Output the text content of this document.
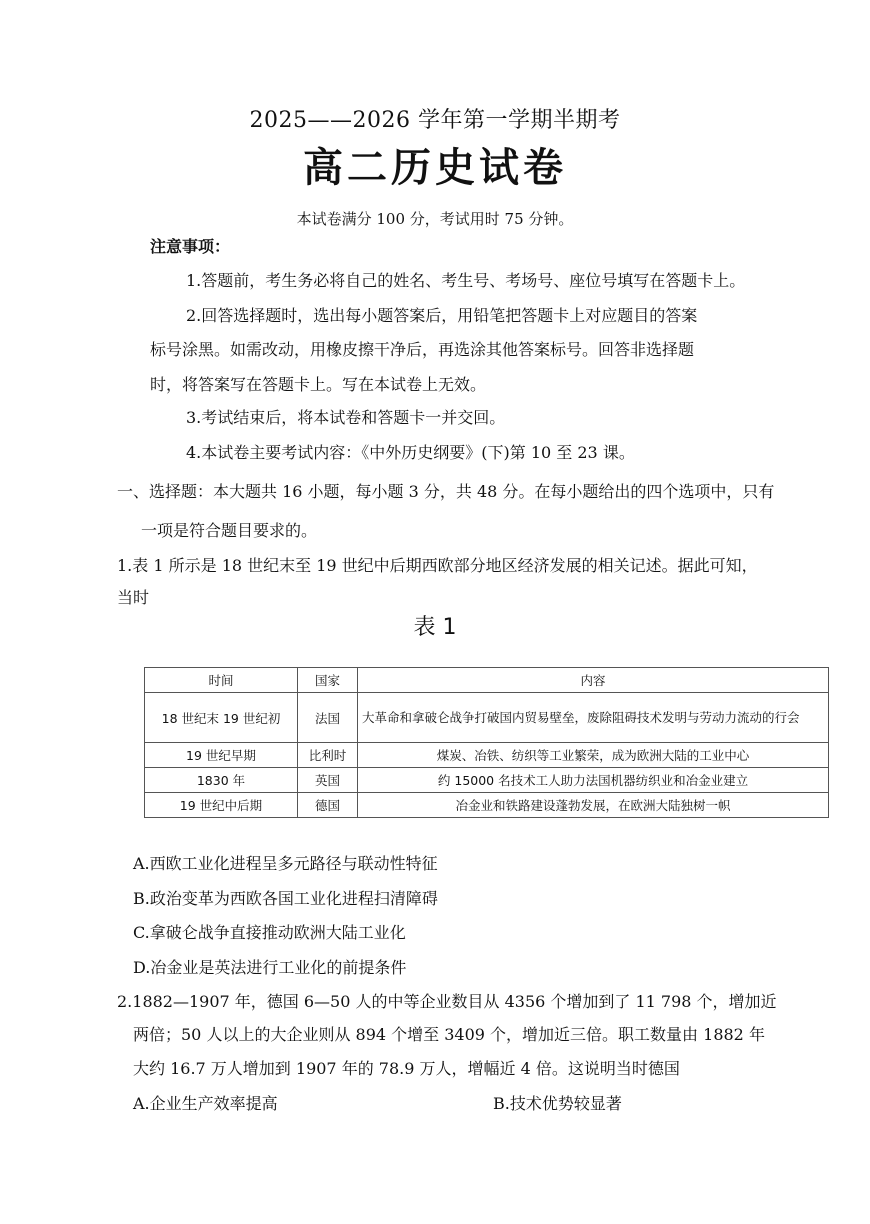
2025——2026 学年第一学期半期考
高二历史试卷
本试卷满分 100 分，考试用时 75 分钟。
注意事项：
1.答题前，考生务必将自己的姓名、考生号、考场号、座位号填写在答题卡上。
2.回答选择题时，选出每小题答案后，用铅笔把答题卡上对应题目的答案
标号涂黑。如需改动，用橡皮擦干净后，再选涂其他答案标号。回答非选择题
时，将答案写在答题卡上。写在本试卷上无效。
3.考试结束后，将本试卷和答题卡一并交回。
4.本试卷主要考试内容：《中外历史纲要》(下)第 10 至 23 课。
一、选择题：本大题共 16 小题，每小题 3 分，共 48 分。在每小题给出的四个选项中，只有
一项是符合题目要求的。
1.表 1 所示是 18 世纪末至 19 世纪中后期西欧部分地区经济发展的相关记述。据此可知，
当时
表 1
时间	国家	内容
18 世纪末 19 世纪初	法国	大革命和拿破仑战争打破国内贸易壁垒，废除阻碍技术发明与劳动力流动的行会
19 世纪早期	比利时	煤炭、冶铁、纺织等工业繁荣，成为欧洲大陆的工业中心
1830 年	英国	约 15000 名技术工人助力法国机器纺织业和冶金业建立
19 世纪中后期	德国	冶金业和铁路建设蓬勃发展，在欧洲大陆独树一帜
A.西欧工业化进程呈多元路径与联动性特征
B.政治变革为西欧各国工业化进程扫清障碍
C.拿破仑战争直接推动欧洲大陆工业化
D.冶金业是英法进行工业化的前提条件
2.1882—1907 年，德国 6—50 人的中等企业数目从 4356 个增加到了 11 798 个，增加近
两倍；50 人以上的大企业则从 894 个增至 3409 个，增加近三倍。职工数量由 1882 年
大约 16.7 万人增加到 1907 年的 78.9 万人，增幅近 4 倍。这说明当时德国
A.企业生产效率提高	B.技术优势较显著
